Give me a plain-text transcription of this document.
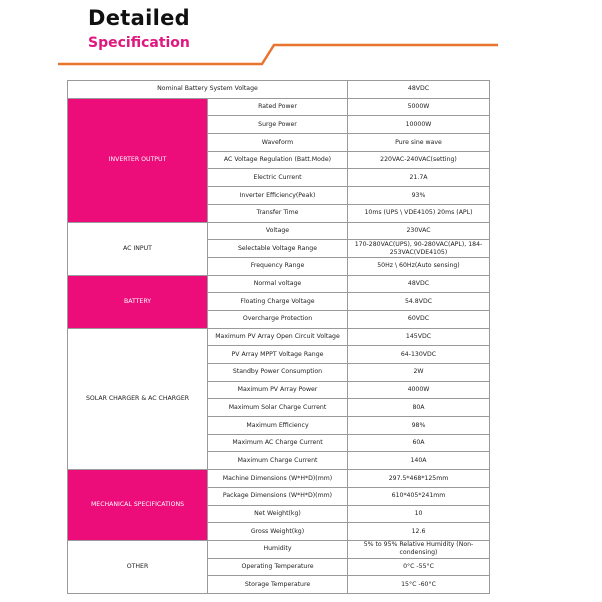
Detailed
Specification
Nominal Battery System Voltage		48VDC
INVERTER OUTPUT	Rated Power	5000W
	Surge Power	10000W
	Waveform	Pure sine wave
	AC Voltage Regulation (Batt.Mode)	220VAC-240VAC(setting)
	Electric Current	21.7A
	Inverter Efficiency(Peak)	93%
	Transfer Time	10ms (UPS \ VDE4105) 20ms (APL)
AC INPUT	Voltage	230VAC
	Selectable Voltage Range	170-280VAC(UPS), 90-280VAC(APL), 184-253VAC(VDE4105)
	Frequency Range	50Hz \ 60Hz(Auto sensing)
BATTERY	Normal voltage	48VDC
	Floating Charge Voltage	54.8VDC
	Overcharge Protection	60VDC
SOLAR CHARGER & AC CHARGER	Maximum PV Array Open Circuit Voltage	145VDC
	PV Array MPPT Voltage Range	64-130VDC
	Standby Power Consumption	2W
	Maximum PV Array Power	4000W
	Maximum Solar Charge Current	80A
	Maximum Efficiency	98%
	Maximum AC Charge Current	60A
	Maximum Charge Current	140A
MECHANICAL SPECIFICATIONS	Machine Dimensions (W*H*D)(mm)	297.5*468*125mm
	Package Dimensions (W*H*D)(mm)	610*405*241mm
	Net Weight(kg)	10
	Gross Weight(kg)	12.6
OTHER	Humidity	5% to 95% Relative Humidity (Non-condensing)
	Operating Temperature	0°C -55°C
	Storage Temperature	15°C -60°C
